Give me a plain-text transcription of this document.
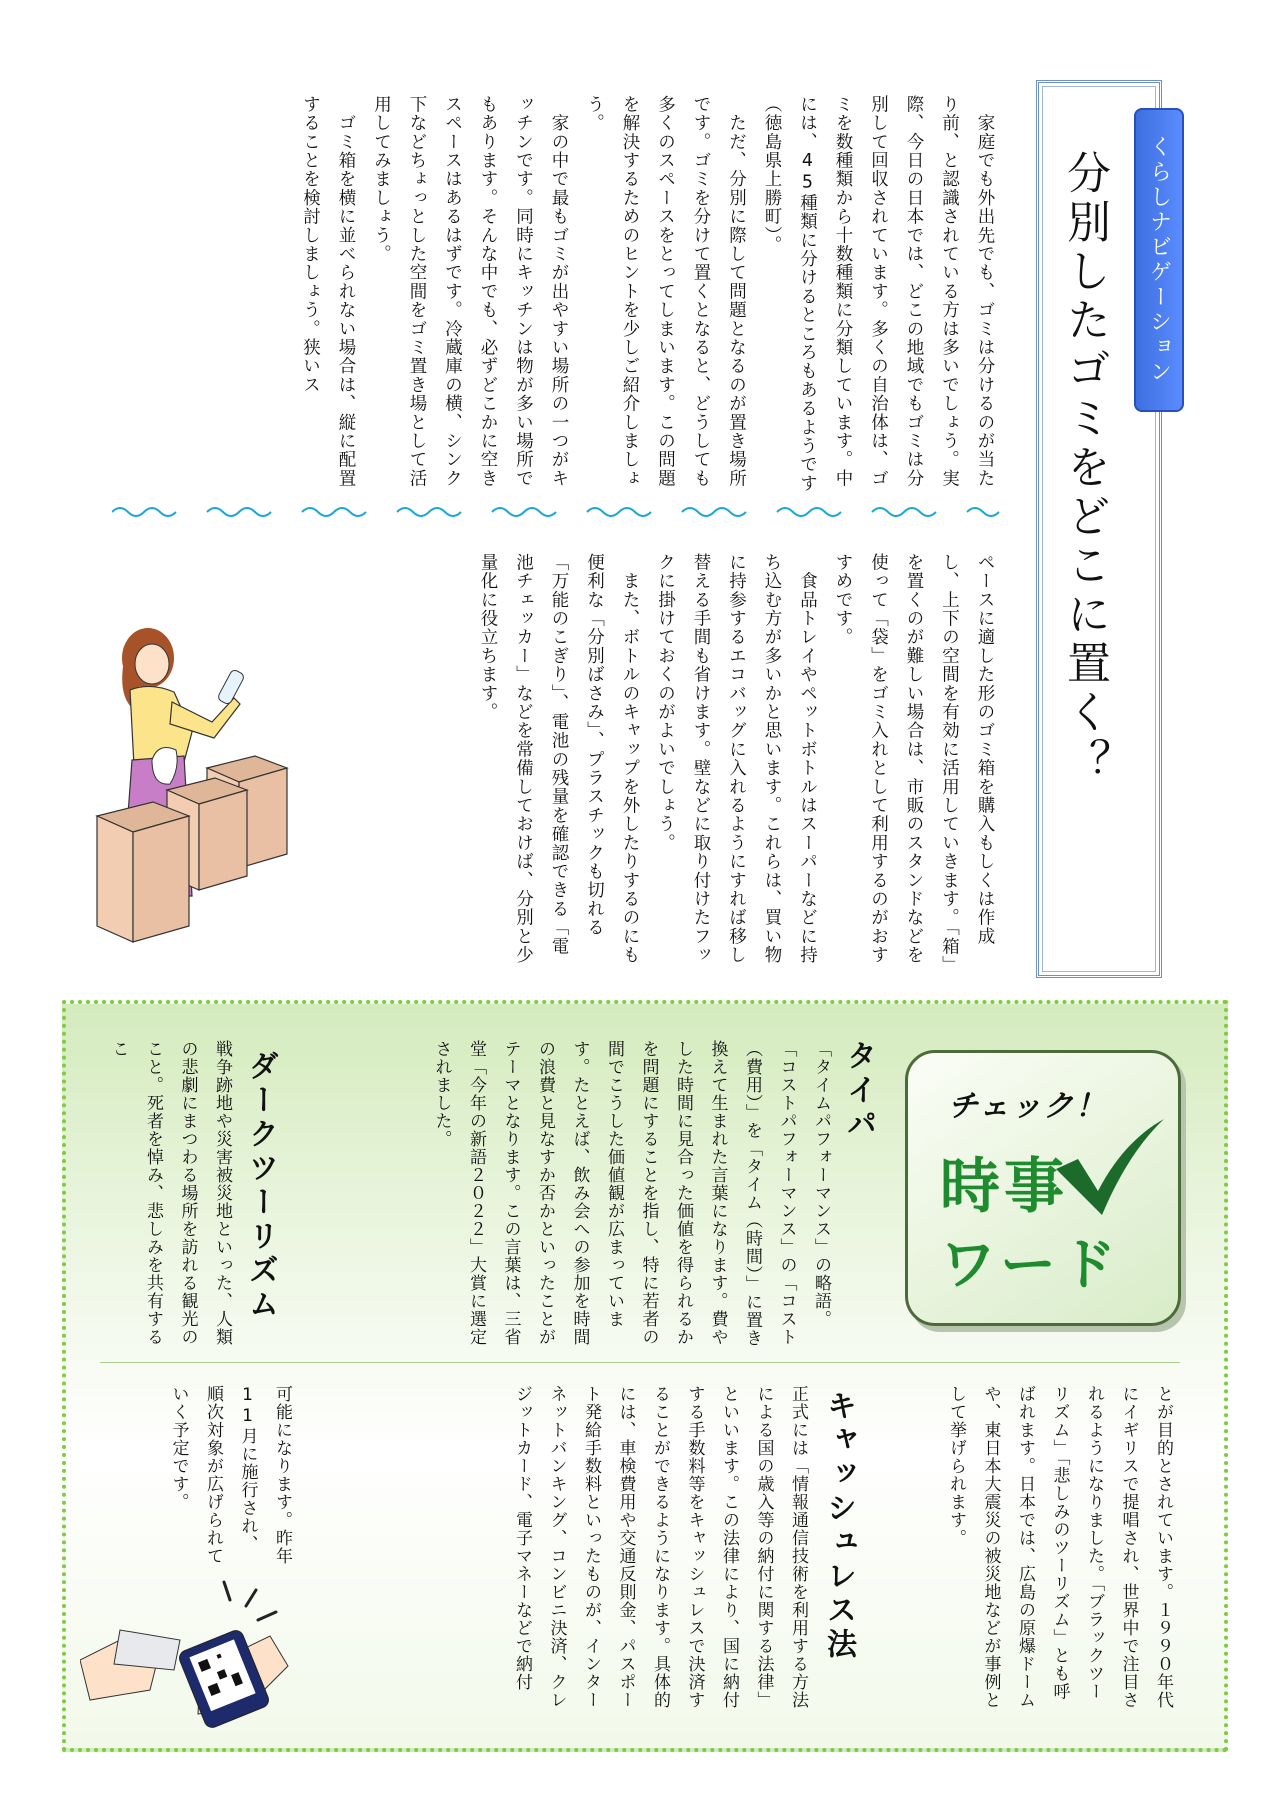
くらしナビゲーション
分別したゴミをどこに置く？

　家庭でも外出先でも、ゴミは分けるのが当たり前、と認識されている方は多いでしょう。実際、今日の日本では、どこの地域でもゴミは分別して回収されています。多くの自治体は、ゴミを数種類から十数種類に分類しています。中には、45種類に分けるところもあるようです（徳島県上勝町）。

　ただ、分別に際して問題となるのが置き場所です。ゴミを分けて置くとなると、どうしても多くのスペースをとってしまいます。この問題を解決するためのヒントを少しご紹介しましょう。

　家の中で最もゴミが出やすい場所の一つがキッチンです。同時にキッチンは物が多い場所でもあります。そんな中でも、必ずどこかに空きスペースはあるはずです。冷蔵庫の横、シンク下などちょっとした空間をゴミ置き場として活用してみましょう。

　ゴミ箱を横に並べられない場合は、縦に配置することを検討しましょう。狭いス

ペースに適した形のゴミ箱を購入もしくは作成し、上下の空間を有効に活用していきます。「箱」を置くのが難しい場合は、市販のスタンドなどを使って「袋」をゴミ入れとして利用するのがおすすめです。

　食品トレイやペットボトルはスーパーなどに持ち込む方が多いかと思います。これらは、買い物に持参するエコバッグに入れるようにすれば移し替える手間も省けます。壁などに取り付けたフックに掛けておくのがよいでしょう。

　また、ボトルのキャップを外したりするのにも便利な「分別ばさみ」、プラスチックも切れる「万能のこぎり」、電池の残量を確認できる「電池チェッカー」などを常備しておけば、分別と少量化に役立ちます。

チェック！
時事
ワード
タイパ
「タイムパフォーマンス」の略語。「コストパフォーマンス」の「コスト（費用）」を「タイム（時間）」に置き換えて生まれた言葉になります。費やした時間に見合った価値を得られるかを問題にすることを指し、特に若者の間でこうした価値観が広まっています。たとえば、飲み会への参加を時間の浪費と見なすか否かといったことがテーマとなります。この言葉は、三省堂「今年の新語２０２２」大賞に選定されました。
ダークツーリズム
戦争跡地や災害被災地といった、人類の悲劇にまつわる場所を訪れる観光のこと。死者を悼み、悲しみを共有するこ
とが目的とされています。１９９０年代にイギリスで提唱され、世界中で注目されるようになりました。「ブラックツーリズム」「悲しみのツーリズム」とも呼ばれます。日本では、広島の原爆ドームや、東日本大震災の被災地などが事例として挙げられます。
キャッシュレス法
正式には「情報通信技術を利用する方法による国の歳入等の納付に関する法律」といいます。この法律により、国に納付する手数料等をキャッシュレスで決済することができるようになります。具体的には、車検費用や交通反則金、パスポート発給手数料といったものが、インターネットバンキング、コンビニ決済、クレジットカード、電子マネーなどで納付
可能になります。昨年11月に施行され、順次対象が広げられていく予定です。
